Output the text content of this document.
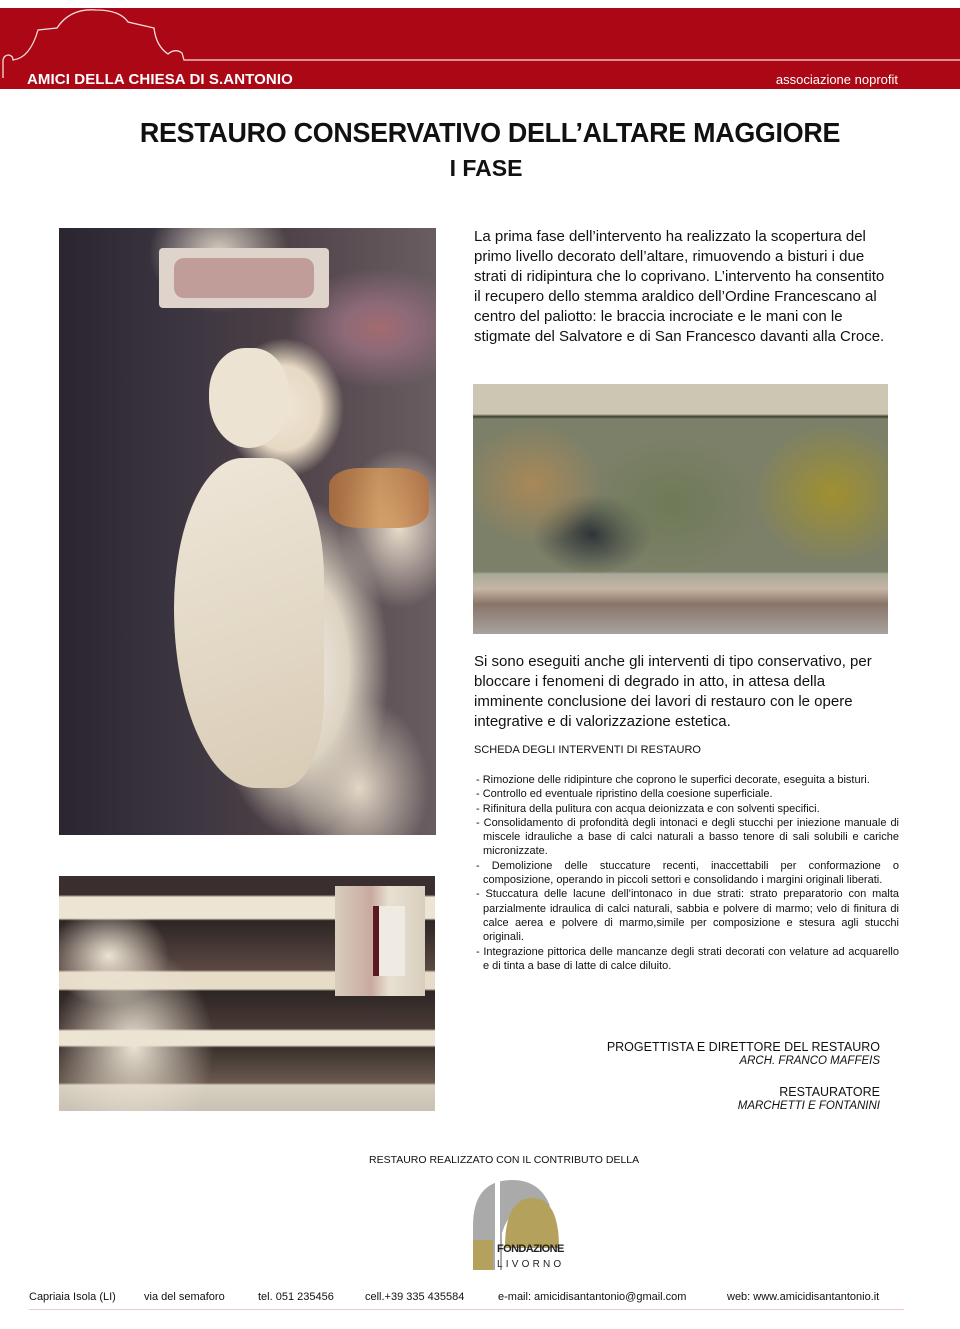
AMICI DELLA CHIESA DI S.ANTONIO	associazione noprofit
RESTAURO CONSERVATIVO DELL’ALTARE MAGGIORE
I FASE

La prima fase dell’intervento ha realizzato la scopertura del primo livello decorato dell’altare, rimuovendo a bisturi i due strati di ridipintura che lo coprivano. L’intervento ha consentito il recupero dello stemma araldico dell’Ordine Francescano al centro del paliotto: le braccia incrociate e le mani con le stigmate del Salvatore e di San Francesco davanti alla Croce.

Si sono eseguiti anche gli interventi di tipo conservativo, per bloccare i fenomeni di degrado in atto, in attesa della imminente conclusione dei lavori di restauro con le opere integrative e di valorizzazione estetica.

SCHEDA DEGLI INTERVENTI DI RESTAURO
- Rimozione delle ridipinture che coprono le superfici decorate, eseguita a bisturi.
- Controllo ed eventuale ripristino della coesione superficiale.
- Rifinitura della pulitura con acqua deionizzata e con solventi specifici.
- Consolidamento di profondità degli intonaci e degli stucchi per iniezione manuale di miscele idrauliche a base di calci naturali a basso tenore di sali solubili e cariche micronizzate.
- Demolizione delle stuccature recenti, inaccettabili per conformazione o composizione, operando in piccoli settori e consolidando i margini originali liberati.
- Stuccatura delle lacune dell’intonaco in due strati: strato preparatorio con malta parzialmente idraulica di calci naturali, sabbia e polvere di marmo; velo di finitura di calce aerea e polvere di marmo,simile per composizione e stesura agli stucchi originali.
- Integrazione pittorica delle mancanze degli strati decorati con velature ad acquarello e di tinta a base di latte di calce diluito.
PROGETTISTA E DIRETTORE DEL RESTAURO
ARCH. FRANCO MAFFEIS
RESTAURATORE
MARCHETTI E FONTANINI
RESTAURO REALIZZATO CON IL CONTRIBUTO DELLA
FONDAZIONE
LIVORNO
Capriaia Isola (LI)	via del semaforo	tel. 051 235456	cell.+39 335 435584	e-mail: amicidisantantonio@gmail.com	web: www.amicidisantantonio.it
